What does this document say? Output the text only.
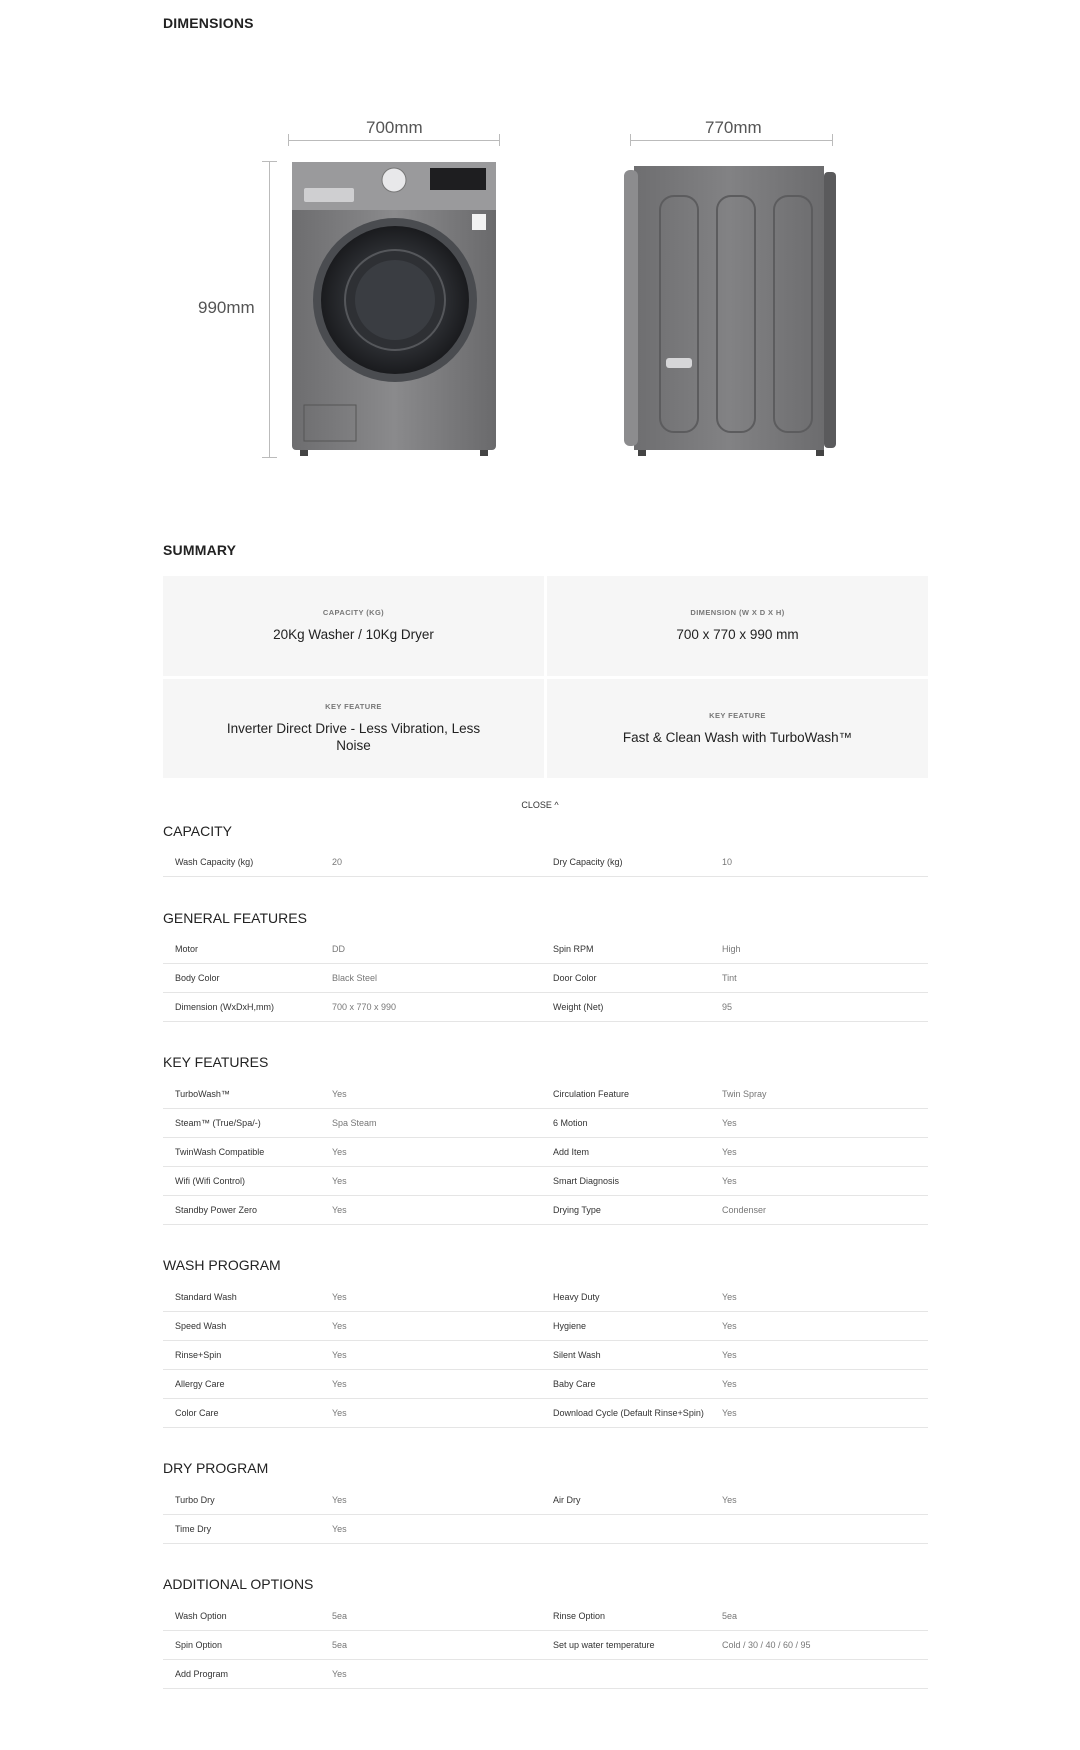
DIMENSIONS
700mm	770mm
990mm
SUMMARY
CAPACITY (KG)
20Kg Washer / 10Kg Dryer
DIMENSION (W X D X H)
700 x 770 x 990 mm
KEY FEATURE
Inverter Direct Drive - Less Vibration, Less Noise
KEY FEATURE
Fast & Clean Wash with TurboWash™
CLOSE ^
CAPACITY
Wash Capacity (kg)	20	Dry Capacity (kg)	10
GENERAL FEATURES
Motor	DD	Spin RPM	High
Body Color	Black Steel	Door Color	Tint
Dimension (WxDxH,mm)	700 x 770 x 990	Weight (Net)	95
KEY FEATURES
TurboWash™	Yes	Circulation Feature	Twin Spray
Steam™ (True/Spa/-)	Spa Steam	6 Motion	Yes
TwinWash Compatible	Yes	Add Item	Yes
Wifi (Wifi Control)	Yes	Smart Diagnosis	Yes
Standby Power Zero	Yes	Drying Type	Condenser
WASH PROGRAM
Standard Wash	Yes	Heavy Duty	Yes
Speed Wash	Yes	Hygiene	Yes
Rinse+Spin	Yes	Silent Wash	Yes
Allergy Care	Yes	Baby Care	Yes
Color Care	Yes	Download Cycle (Default Rinse+Spin)	Yes
DRY PROGRAM
Turbo Dry	Yes	Air Dry	Yes
Time Dry	Yes
ADDITIONAL OPTIONS
Wash Option	5ea	Rinse Option	5ea
Spin Option	5ea	Set up water temperature	Cold / 30 / 40 / 60 / 95
Add Program	Yes
